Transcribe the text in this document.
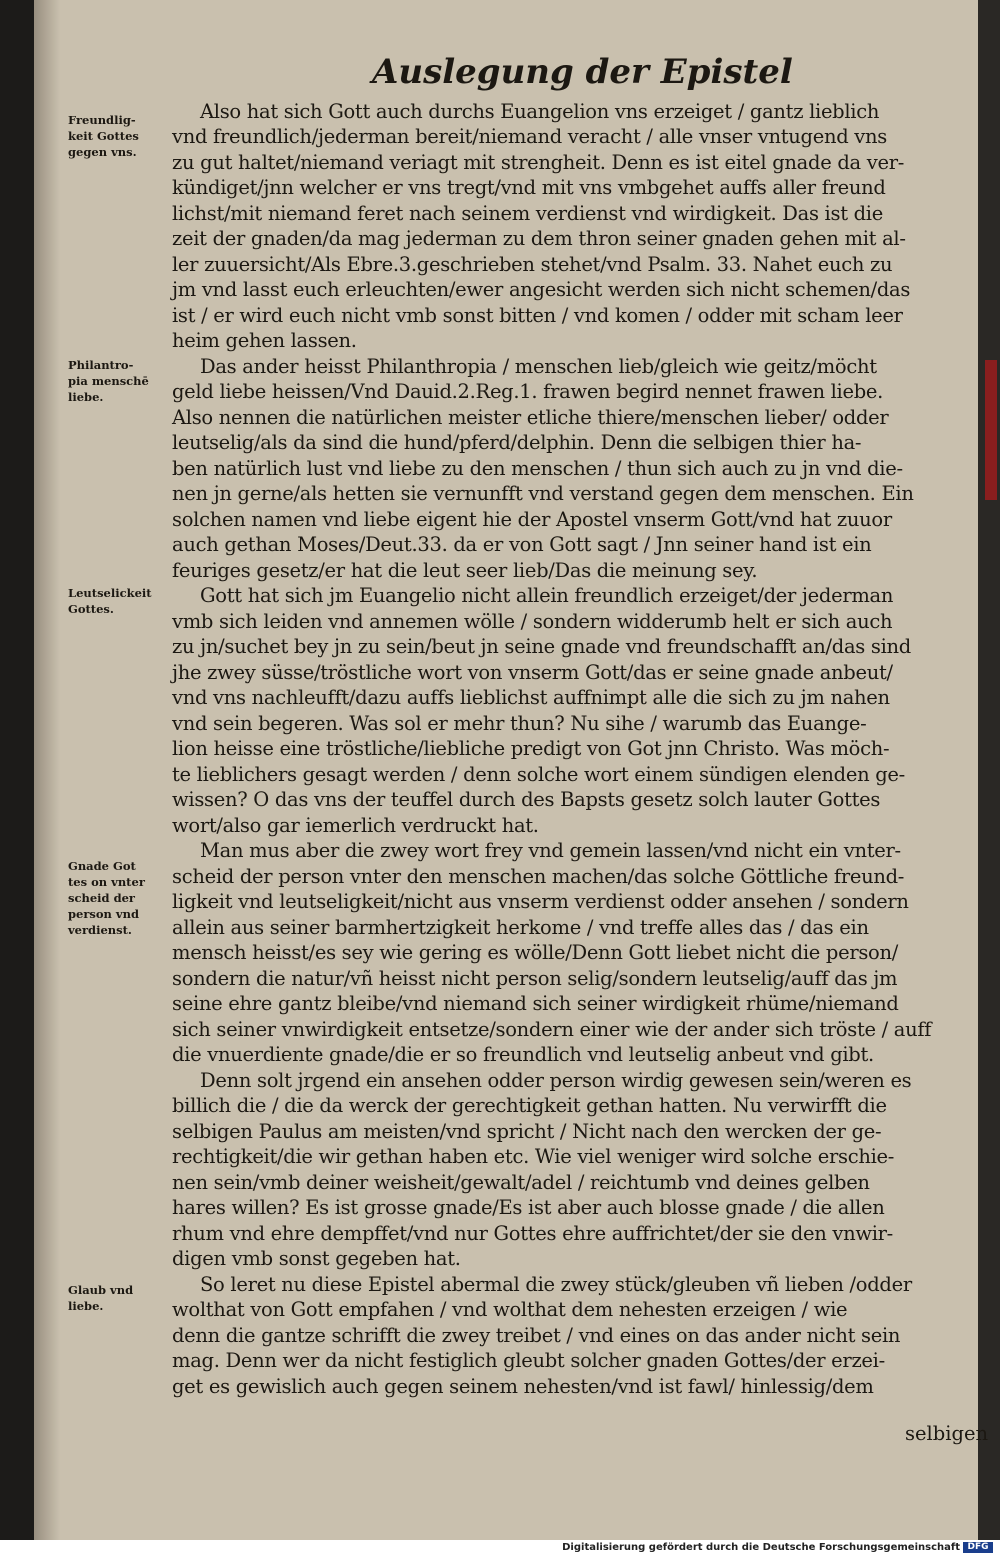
Auslegung der Epistel
Freundlig-
keit Gottes
gegen vns.
Philantro-
pia menschē
liebe.
Leutselickeit
Gottes.
Gnade Got
tes on vnter
scheid der
person vnd
verdienst.
Glaub vnd
liebe.
Also hat sich Gott auch durchs Euangelion vns erzeiget / gantz lieblich
vnd freundlich/jederman bereit/niemand veracht / alle vnser vntugend vns
zu gut haltet/niemand veriagt mit strengheit. Denn es ist eitel gnade da ver-
kündiget/jnn welcher er vns tregt/vnd mit vns vmbgehet auffs aller freund
lichst/mit niemand feret nach seinem verdienst vnd wirdigkeit. Das ist die
zeit der gnaden/da mag jederman zu dem thron seiner gnaden gehen mit al-
ler zuuersicht/Als Ebre.3.geschrieben stehet/vnd Psalm. 33. Nahet euch zu
jm vnd lasst euch erleuchten/ewer angesicht werden sich nicht schemen/das
ist / er wird euch nicht vmb sonst bitten / vnd komen / odder mit scham leer
heim gehen lassen.
Das ander heisst Philanthropia / menschen lieb/gleich wie geitz/möcht
geld liebe heissen/Vnd Dauid.2.Reg.1. frawen begird nennet frawen liebe.
Also nennen die natürlichen meister etliche thiere/menschen lieber/ odder
leutselig/als da sind die hund/pferd/delphin. Denn die selbigen thier ha-
ben natürlich lust vnd liebe zu den menschen / thun sich auch zu jn vnd die-
nen jn gerne/als hetten sie vernunfft vnd verstand gegen dem menschen. Ein
solchen namen vnd liebe eigent hie der Apostel vnserm Gott/vnd hat zuuor
auch gethan Moses/Deut.33. da er von Gott sagt / Jnn seiner hand ist ein
feuriges gesetz/er hat die leut seer lieb/Das die meinung sey.
Gott hat sich jm Euangelio nicht allein freundlich erzeiget/der jederman
vmb sich leiden vnd annemen wölle / sondern widderumb helt er sich auch
zu jn/suchet bey jn zu sein/beut jn seine gnade vnd freundschafft an/das sind
jhe zwey süsse/tröstliche wort von vnserm Gott/das er seine gnade anbeut/
vnd vns nachleufft/dazu auffs lieblichst auffnimpt alle die sich zu jm nahen
vnd sein begeren. Was sol er mehr thun? Nu sihe / warumb das Euange-
lion heisse eine tröstliche/liebliche predigt von Got jnn Christo. Was möch-
te lieblichers gesagt werden / denn solche wort einem sündigen elenden ge-
wissen? O das vns der teuffel durch des Bapsts gesetz solch lauter Gottes
wort/also gar iemerlich verdruckt hat.
Man mus aber die zwey wort frey vnd gemein lassen/vnd nicht ein vnter-
scheid der person vnter den menschen machen/das solche Göttliche freund-
ligkeit vnd leutseligkeit/nicht aus vnserm verdienst odder ansehen / sondern
allein aus seiner barmhertzigkeit herkome / vnd treffe alles das / das ein
mensch heisst/es sey wie gering es wölle/Denn Gott liebet nicht die person/
sondern die natur/vñ heisst nicht person selig/sondern leutselig/auff das jm
seine ehre gantz bleibe/vnd niemand sich seiner wirdigkeit rhüme/niemand
sich seiner vnwirdigkeit entsetze/sondern einer wie der ander sich tröste / auff
die vnuerdiente gnade/die er so freundlich vnd leutselig anbeut vnd gibt.
Denn solt jrgend ein ansehen odder person wirdig gewesen sein/weren es
billich die / die da werck der gerechtigkeit gethan hatten. Nu verwirfft die
selbigen Paulus am meisten/vnd spricht / Nicht nach den wercken der ge-
rechtigkeit/die wir gethan haben etc. Wie viel weniger wird solche erschie-
nen sein/vmb deiner weisheit/gewalt/adel / reichtumb vnd deines gelben
hares willen? Es ist grosse gnade/Es ist aber auch blosse gnade / die allen
rhum vnd ehre dempffet/vnd nur Gottes ehre auffrichtet/der sie den vnwir-
digen vmb sonst gegeben hat.
So leret nu diese Epistel abermal die zwey stück/gleuben vñ lieben /odder
wolthat von Gott empfahen / vnd wolthat dem nehesten erzeigen / wie
denn die gantze schrifft die zwey treibet / vnd eines on das ander nicht sein
mag. Denn wer da nicht festiglich gleubt solcher gnaden Gottes/der erzei-
get es gewislich auch gegen seinem nehesten/vnd ist fawl/ hinlessig/dem
selbigen
Digitalisierung gefördert durch die Deutsche Forschungsgemeinschaft DFG
